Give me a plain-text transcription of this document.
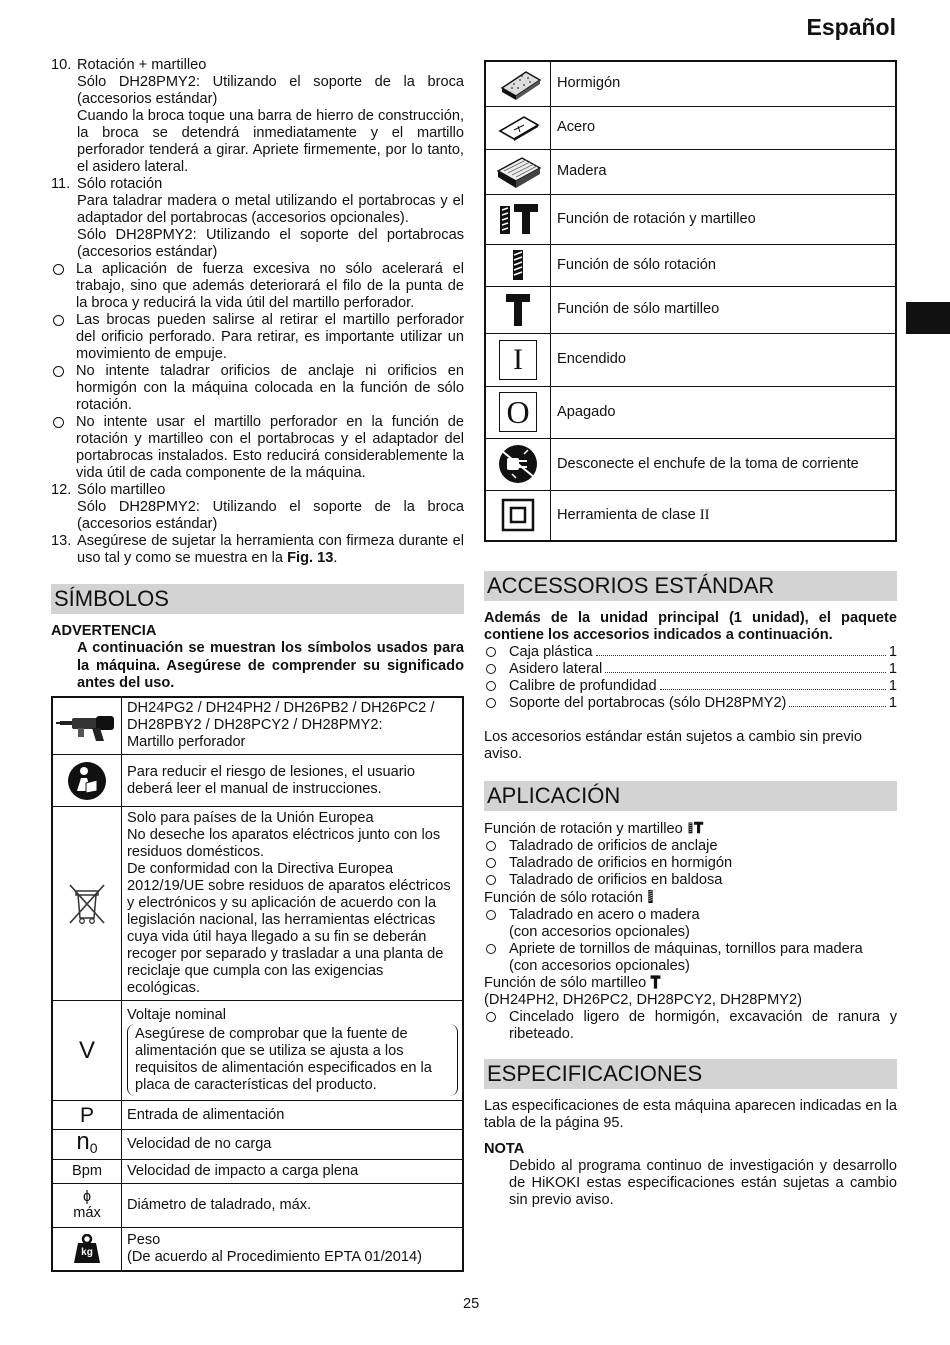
Español
10. Rotación + martilleo
Sólo DH28PMY2: Utilizando el soporte de la broca (accesorios estándar)
Cuando la broca toque una barra de hierro de construcción, la broca se detendrá inmediatamente y el martillo perforador tenderá a girar. Apriete firmemente, por lo tanto, el asidero lateral.
11. Sólo rotación
Para taladrar madera o metal utilizando el portabrocas y el adaptador del portabrocas (accesorios opcionales).
Sólo DH28PMY2: Utilizando el soporte del portabrocas (accesorios estándar)
La aplicación de fuerza excesiva no sólo acelerará el trabajo, sino que además deteriorará el filo de la punta de la broca y reducirá la vida útil del martillo perforador.
Las brocas pueden salirse al retirar el martillo perforador del orificio perforado. Para retirar, es importante utilizar un movimiento de empuje.
No intente taladrar orificios de anclaje ni orificios en hormigón con la máquina colocada en la función de sólo rotación.
No intente usar el martillo perforador en la función de rotación y martilleo con el portabrocas y el adaptador del portabrocas instalados. Esto reducirá considerablemente la vida útil de cada componente de la máquina.
12. Sólo martilleo
Sólo DH28PMY2: Utilizando el soporte de la broca (accesorios estándar)
13. Asegúrese de sujetar la herramienta con firmeza durante el uso tal y como se muestra en la Fig. 13.
SÍMBOLOS
ADVERTENCIA
A continuación se muestran los símbolos usados para la máquina. Asegúrese de comprender su significado antes del uso.

DH24PG2 / DH24PH2 / DH26PB2 / DH26PC2 / DH28PBY2 / DH28PCY2 / DH28PMY2:
Martillo perforador

	Para reducir el riesgo de lesiones, el usuario deberá leer el manual de instrucciones.

Solo para países de la Unión Europea
No deseche los aparatos eléctricos junto con los residuos domésticos.
De conformidad con la Directiva Europea 2012/19/UE sobre residuos de aparatos eléctricos y electrónicos y su aplicación de acuerdo con la legislación nacional, las herramientas eléctricas cuya vida útil haya llegado a su fin se deberán recoger por separado y trasladar a una planta de reciclaje que cumpla con las exigencias ecológicas.

V	Voltaje nominal
Asegúrese de comprobar que la fuente de alimentación que se utiliza se ajusta a los requisitos de alimentación especificados en la placa de características del producto.

P	Entrada de alimentación
$n_0$	Velocidad de no carga
Bpm	Velocidad de impacto a carga plena

ɸ
máx	Diámetro de taladrado, máx.

kg	Peso
(De acuerdo al Procedimiento EPTA 01/2014)
	Hormigón

	Acero

	Madera

	Función de rotación y martilleo

	Función de sólo rotación

	Función de sólo martilleo

I	Encendido

O	Apagado

	Desconecte el enchufe de la toma de corriente

	Herramienta de clase II
ACCESSORIOS ESTÁNDAR
Además de la unidad principal (1 unidad), el paquete contiene los accesorios indicados a continuación.
Caja plástica	1
Asidero lateral	1
Calibre de profundidad	1
Soporte del portabrocas (sólo DH28PMY2)	1
Los accesorios estándar están sujetos a cambio sin previo aviso.
APLICACIÓN
Función de rotación y martilleo
Taladrado de orificios de anclaje
Taladrado de orificios en hormigón
Taladrado de orificios en baldosa
Función de sólo rotación
Taladrado en acero o madera
(con accesorios opcionales)
Apriete de tornillos de máquinas, tornillos para madera
(con accesorios opcionales)
Función de sólo martilleo
(DH24PH2, DH26PC2, DH28PCY2, DH28PMY2)
Cincelado ligero de hormigón, excavación de ranura y ribeteado.
ESPECIFICACIONES
Las especificaciones de esta máquina aparecen indicadas en la tabla de la página 95.
NOTA
Debido al programa continuo de investigación y desarrollo de HiKOKI estas especificaciones están sujetas a cambio sin previo aviso.
25
